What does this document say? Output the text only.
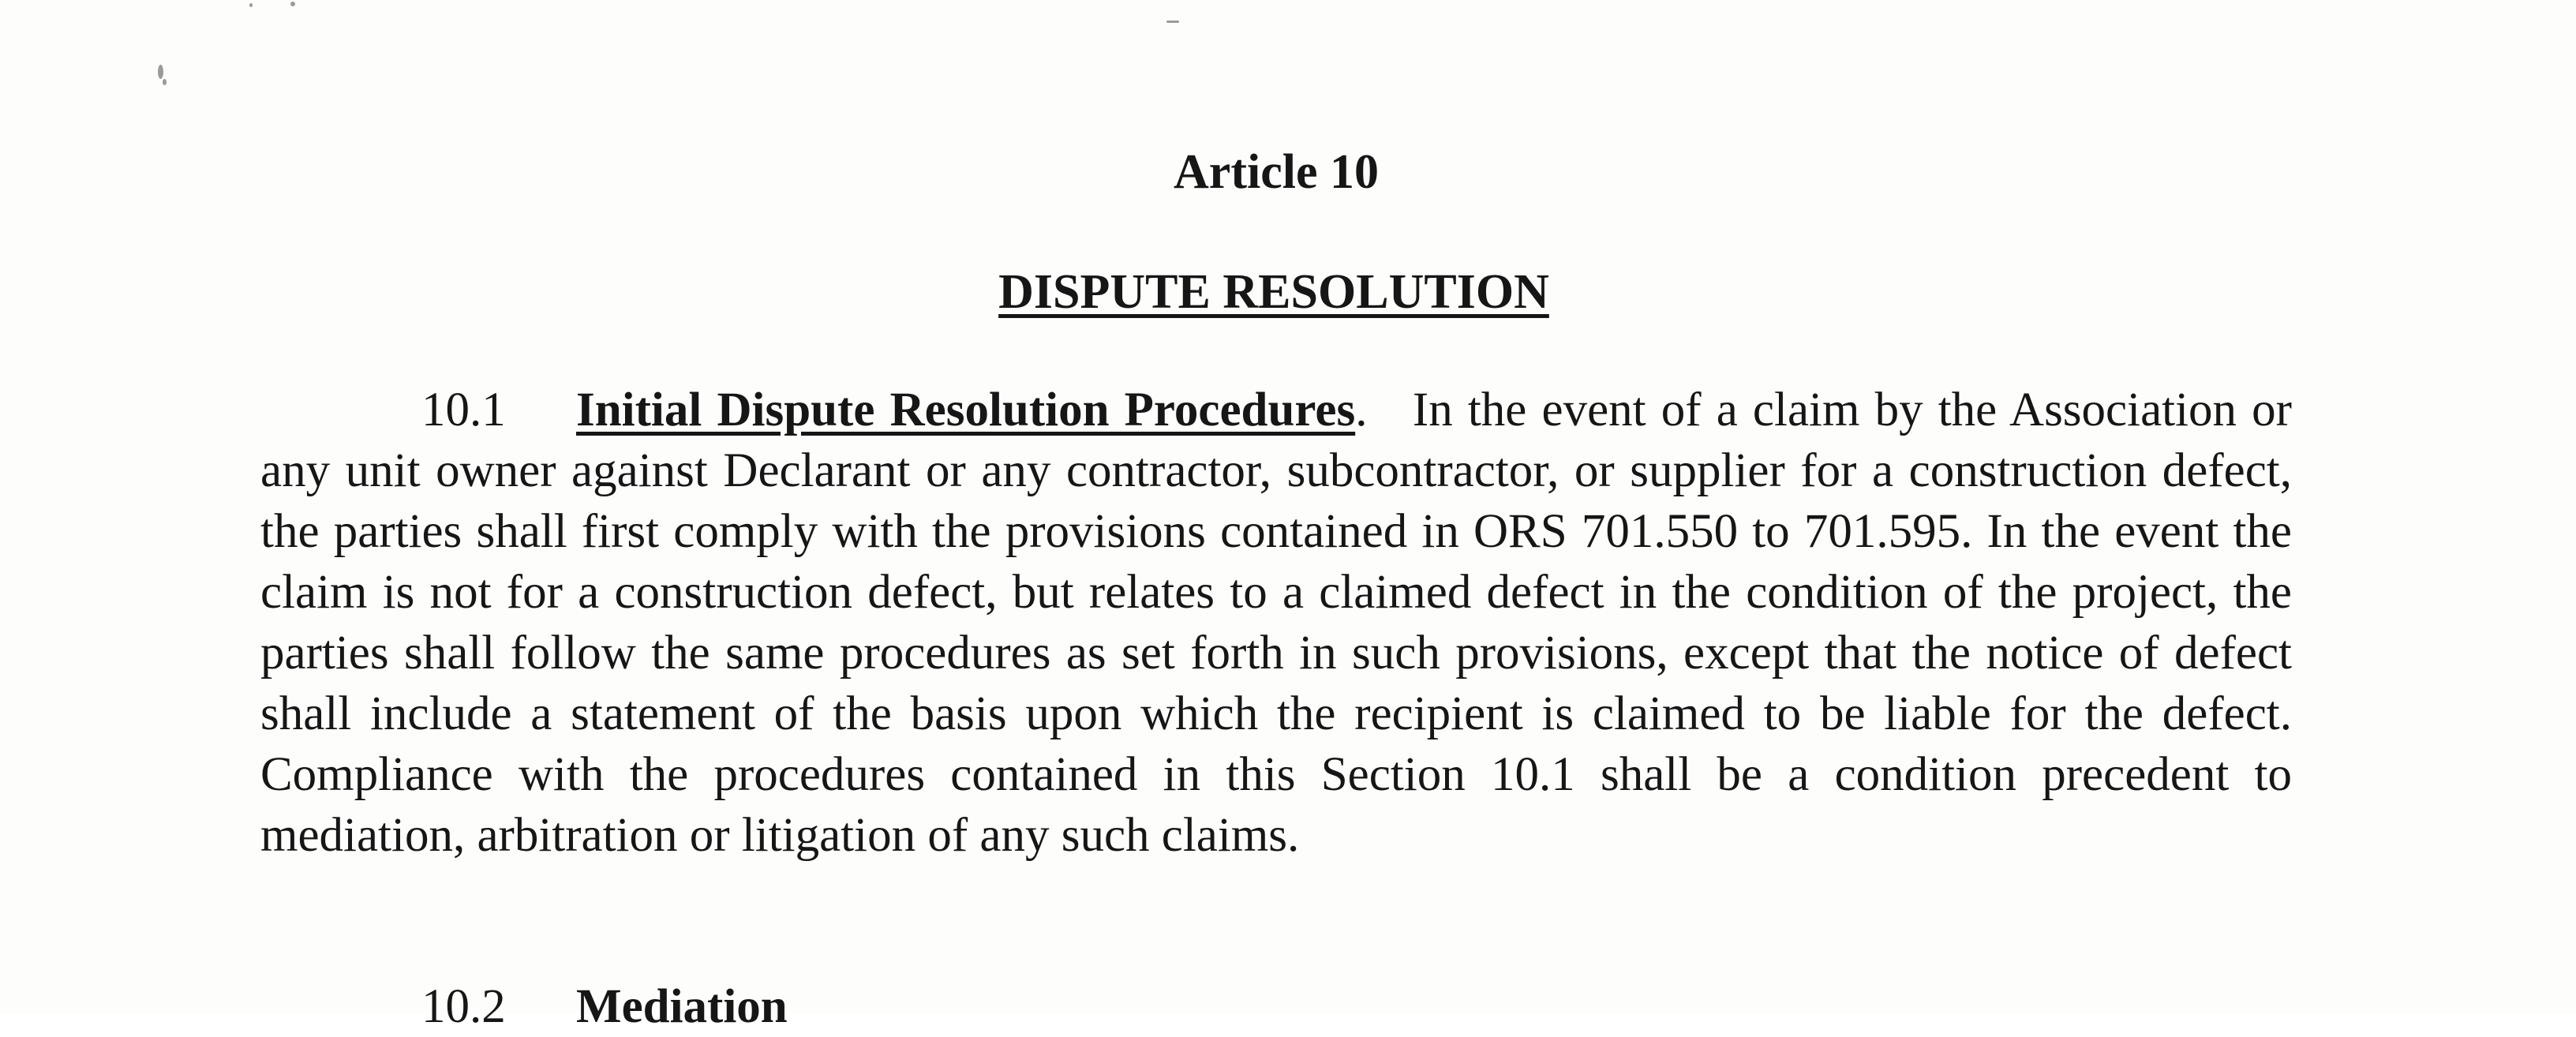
Article 10
DISPUTE RESOLUTION

10.1 Initial Dispute Resolution Procedures. In the event of a claim by the Association or any unit owner against Declarant or any contractor, subcontractor, or supplier for a construction defect, the parties shall first comply with the provisions contained in ORS 701.550 to 701.595. In the event the claim is not for a construction defect, but relates to a claimed defect in the condition of the project, the parties shall follow the same procedures as set forth in such provisions, except that the notice of defect shall include a statement of the basis upon which the recipient is claimed to be liable for the defect. Compliance with the procedures contained in this Section 10.1 shall be a condition precedent to mediation, arbitration or litigation of any such claims.

10.2 Mediation
